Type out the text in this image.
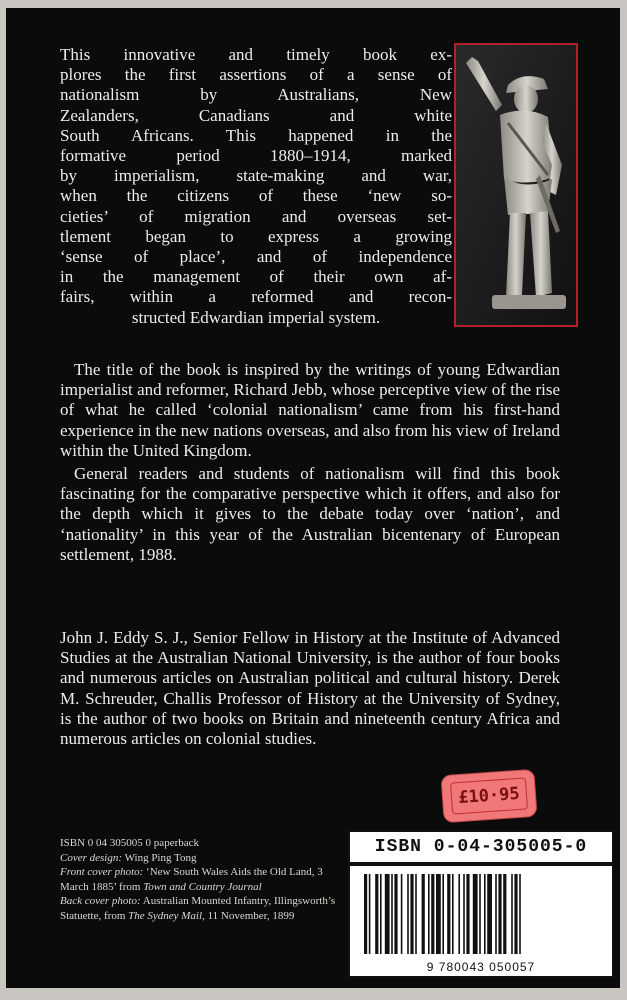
This innovative and timely book ex-
plores the first assertions of a sense of
nationalism by Australians, New
Zealanders, Canadians and white
South Africans. This happened in the
formative period 1880–1914, marked
by imperialism, state-making and war,
when the citizens of these ‘new so-
cieties’ of migration and overseas set-
tlement began to express a growing
‘sense of place’, and of independence
in the management of their own af-
fairs, within a reformed and recon-
structed Edwardian imperial system.

The title of the book is inspired by the writings of young Edwardian imperialist and reformer, Richard Jebb, whose perceptive view of the rise of what he called ‘colonial nationalism’ came from his first-hand experience in the new nations overseas, and also from his view of Ireland within the United Kingdom.

General readers and students of nationalism will find this book fascinating for the comparative perspective which it offers, and also for the depth which it gives to the debate today over ‘nation’, and ‘nationality’ in this year of the Australian bicentenary of European settlement, 1988.

John J. Eddy S. J., Senior Fellow in History at the Institute of Advanced Studies at the Australian National University, is the author of four books and numerous articles on Australian political and cultural history. Derek M. Schreuder, Challis Professor of History at the University of Sydney, is the author of two books on Britain and nineteenth century Africa and numerous articles on colonial studies.
£10·95
ISBN 0 04 305005 0 paperback
Cover design: Wing Ping Tong
Front cover photo: ‘New South Wales Aids the Old Land, 3 March 1885’ from Town and Country Journal
Back cover photo: Australian Mounted Infantry, Illingsworth’s Statuette, from The Sydney Mail, 11 November, 1899
ISBN 0-04-305005-0
9 780043 050057
